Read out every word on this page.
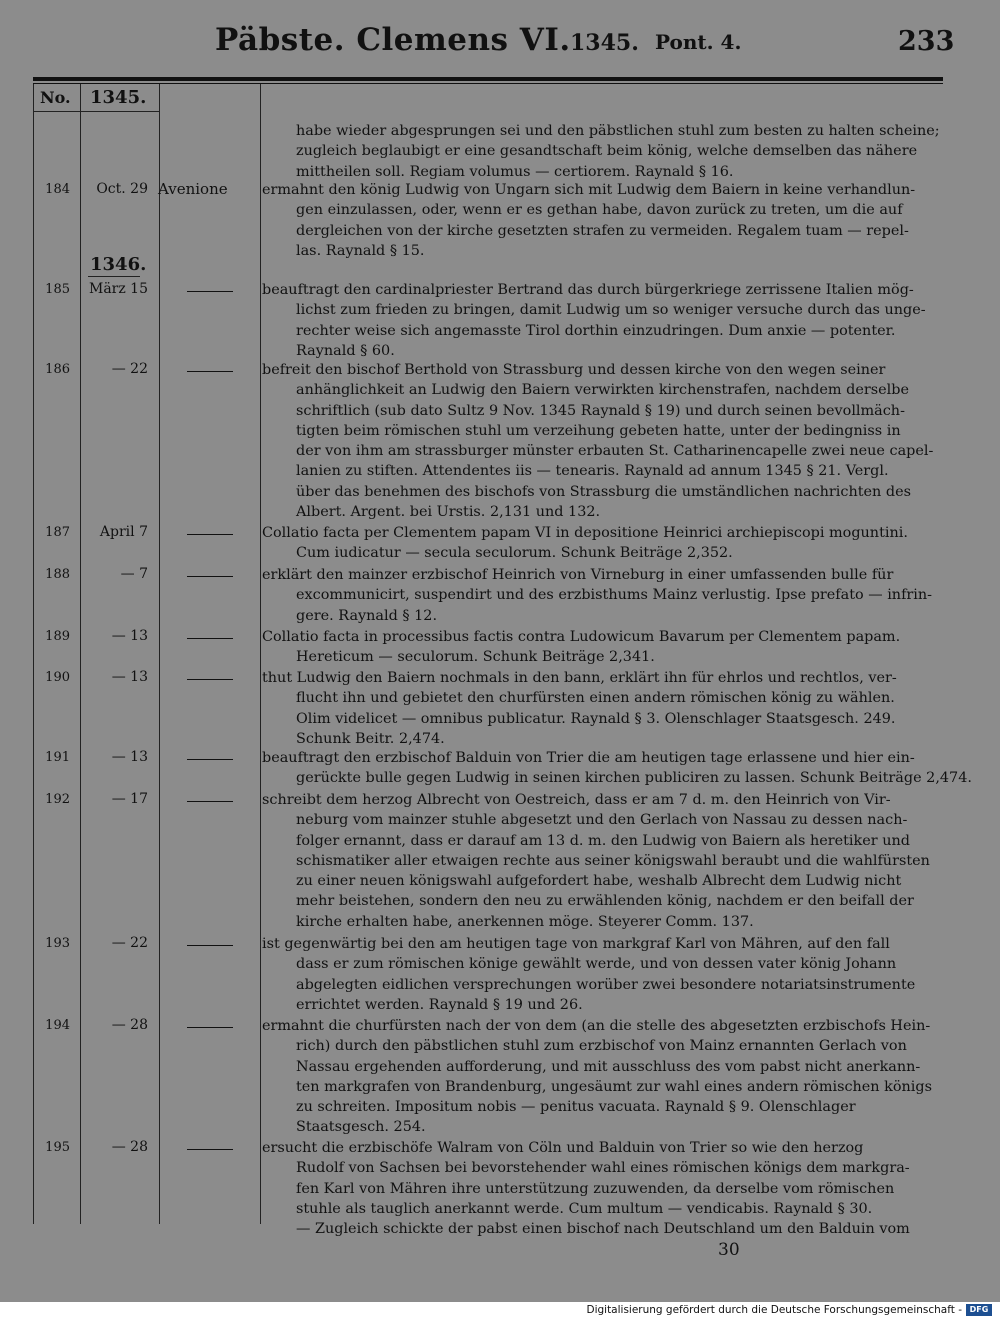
Päbste. Clemens VI. 1345. Pont. 4.	233
No. 1345.
1346.
habe wieder abgesprungen sei und den päbstlichen stuhl zum besten zu halten scheine;
zugleich beglaubigt er eine gesandtschaft beim könig, welche demselben das nähere
mittheilen soll. Regiam volumus — certiorem. Raynald § 16.
184	Oct. 29 Avenione	ermahnt den könig Ludwig von Ungarn sich mit Ludwig dem Baiern in keine verhandlun-
gen einzulassen, oder, wenn er es gethan habe, davon zurück zu treten, um die auf
dergleichen von der kirche gesetzten strafen zu vermeiden. Regalem tuam — repel-
las. Raynald § 15.
185	März 15	beauftragt den cardinalpriester Bertrand das durch bürgerkriege zerrissene Italien mög-
lichst zum frieden zu bringen, damit Ludwig um so weniger versuche durch das unge-
rechter weise sich angemasste Tirol dorthin einzudringen. Dum anxie — potenter.
Raynald § 60.
186	— 22	befreit den bischof Berthold von Strassburg und dessen kirche von den wegen seiner
anhänglichkeit an Ludwig den Baiern verwirkten kirchenstrafen, nachdem derselbe
schriftlich (sub dato Sultz 9 Nov. 1345 Raynald § 19) und durch seinen bevollmäch-
tigten beim römischen stuhl um verzeihung gebeten hatte, unter der bedingniss in
der von ihm am strassburger münster erbauten St. Catharinencapelle zwei neue capel-
lanien zu stiften. Attendentes iis — tenearis. Raynald ad annum 1345 § 21. Vergl.
über das benehmen des bischofs von Strassburg die umständlichen nachrichten des
Albert. Argent. bei Urstis. 2,131 und 132.
187	April 7	Collatio facta per Clementem papam VI in depositione Heinrici archiepiscopi moguntini.
Cum iudicatur — secula seculorum. Schunk Beiträge 2,352.
188	— 7	erklärt den mainzer erzbischof Heinrich von Virneburg in einer umfassenden bulle für
excommunicirt, suspendirt und des erzbisthums Mainz verlustig. Ipse prefato — infrin-
gere. Raynald § 12.
189	— 13	Collatio facta in processibus factis contra Ludowicum Bavarum per Clementem papam.
Hereticum — seculorum. Schunk Beiträge 2,341.
190	— 13	thut Ludwig den Baiern nochmals in den bann, erklärt ihn für ehrlos und rechtlos, ver-
flucht ihn und gebietet den churfürsten einen andern römischen könig zu wählen.
Olim videlicet — omnibus publicatur. Raynald § 3. Olenschlager Staatsgesch. 249.
Schunk Beitr. 2,474.
191	— 13	beauftragt den erzbischof Balduin von Trier die am heutigen tage erlassene und hier ein-
gerückte bulle gegen Ludwig in seinen kirchen publiciren zu lassen. Schunk Beiträge 2,474.
192	— 17	schreibt dem herzog Albrecht von Oestreich, dass er am 7 d. m. den Heinrich von Vir-
neburg vom mainzer stuhle abgesetzt und den Gerlach von Nassau zu dessen nach-
folger ernannt, dass er darauf am 13 d. m. den Ludwig von Baiern als heretiker und
schismatiker aller etwaigen rechte aus seiner königswahl beraubt und die wahlfürsten
zu einer neuen königswahl aufgefordert habe, weshalb Albrecht dem Ludwig nicht
mehr beistehen, sondern den neu zu erwählenden könig, nachdem er den beifall der
kirche erhalten habe, anerkennen möge. Steyerer Comm. 137.
193	— 22	ist gegenwärtig bei den am heutigen tage von markgraf Karl von Mähren, auf den fall
dass er zum römischen könige gewählt werde, und von dessen vater könig Johann
abgelegten eidlichen versprechungen worüber zwei besondere notariatsinstrumente
errichtet werden. Raynald § 19 und 26.
194	— 28	ermahnt die churfürsten nach der von dem (an die stelle des abgesetzten erzbischofs Hein-
rich) durch den päbstlichen stuhl zum erzbischof von Mainz ernannten Gerlach von
Nassau ergehenden aufforderung, und mit ausschluss des vom pabst nicht anerkann-
ten markgrafen von Brandenburg, ungesäumt zur wahl eines andern römischen königs
zu schreiten. Impositum nobis — penitus vacuata. Raynald § 9. Olenschlager
Staatsgesch. 254.
195	— 28	ersucht die erzbischöfe Walram von Cöln und Balduin von Trier so wie den herzog
Rudolf von Sachsen bei bevorstehender wahl eines römischen königs dem markgra-
fen Karl von Mähren ihre unterstützung zuzuwenden, da derselbe vom römischen
stuhle als tauglich anerkannt werde. Cum multum — vendicabis. Raynald § 30.
— Zugleich schickte der pabst einen bischof nach Deutschland um den Balduin vom
30
Digitalisierung gefördert durch die Deutsche Forschungsgemeinschaft - DFG
